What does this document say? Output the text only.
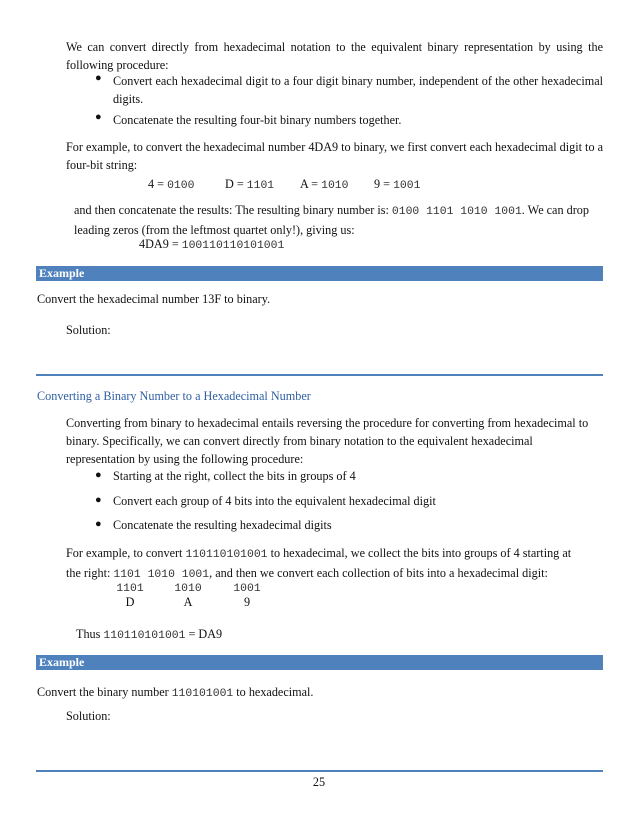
We can convert directly from hexadecimal notation to the equivalent binary representation by using the following procedure:
● Convert each hexadecimal digit to a four digit binary number, independent of the other hexadecimal digits.
● Concatenate the resulting four-bit binary numbers together.
For example, to convert the hexadecimal number 4DA9 to binary, we first convert each hexadecimal digit to a four-bit string:
4 = 0100	D = 1101 A = 1010 9 = 1001
and then concatenate the results: The resulting binary number is: 0100 1101 1010 1001. We can drop leading zeros (from the leftmost quartet only!), giving us:
4DA9 = 100110110101001
Example
Convert the hexadecimal number 13F to binary.
Solution:
Converting a Binary Number to a Hexadecimal Number
Converting from binary to hexadecimal entails reversing the procedure for converting from hexadecimal to binary. Specifically, we can convert directly from binary notation to the equivalent hexadecimal representation by using the following procedure:
● Starting at the right, collect the bits in groups of 4
● Convert each group of 4 bits into the equivalent hexadecimal digit
● Concatenate the resulting hexadecimal digits
For example, to convert 110110101001 to hexadecimal, we collect the bits into groups of 4 starting at
the right: 1101 1010 1001, and then we convert each collection of bits into a hexadecimal digit:
1101
D
1010
A
1001
9
Thus 110110101001 = DA9
Example
Convert the binary number 110101001 to hexadecimal.
Solution:
25
